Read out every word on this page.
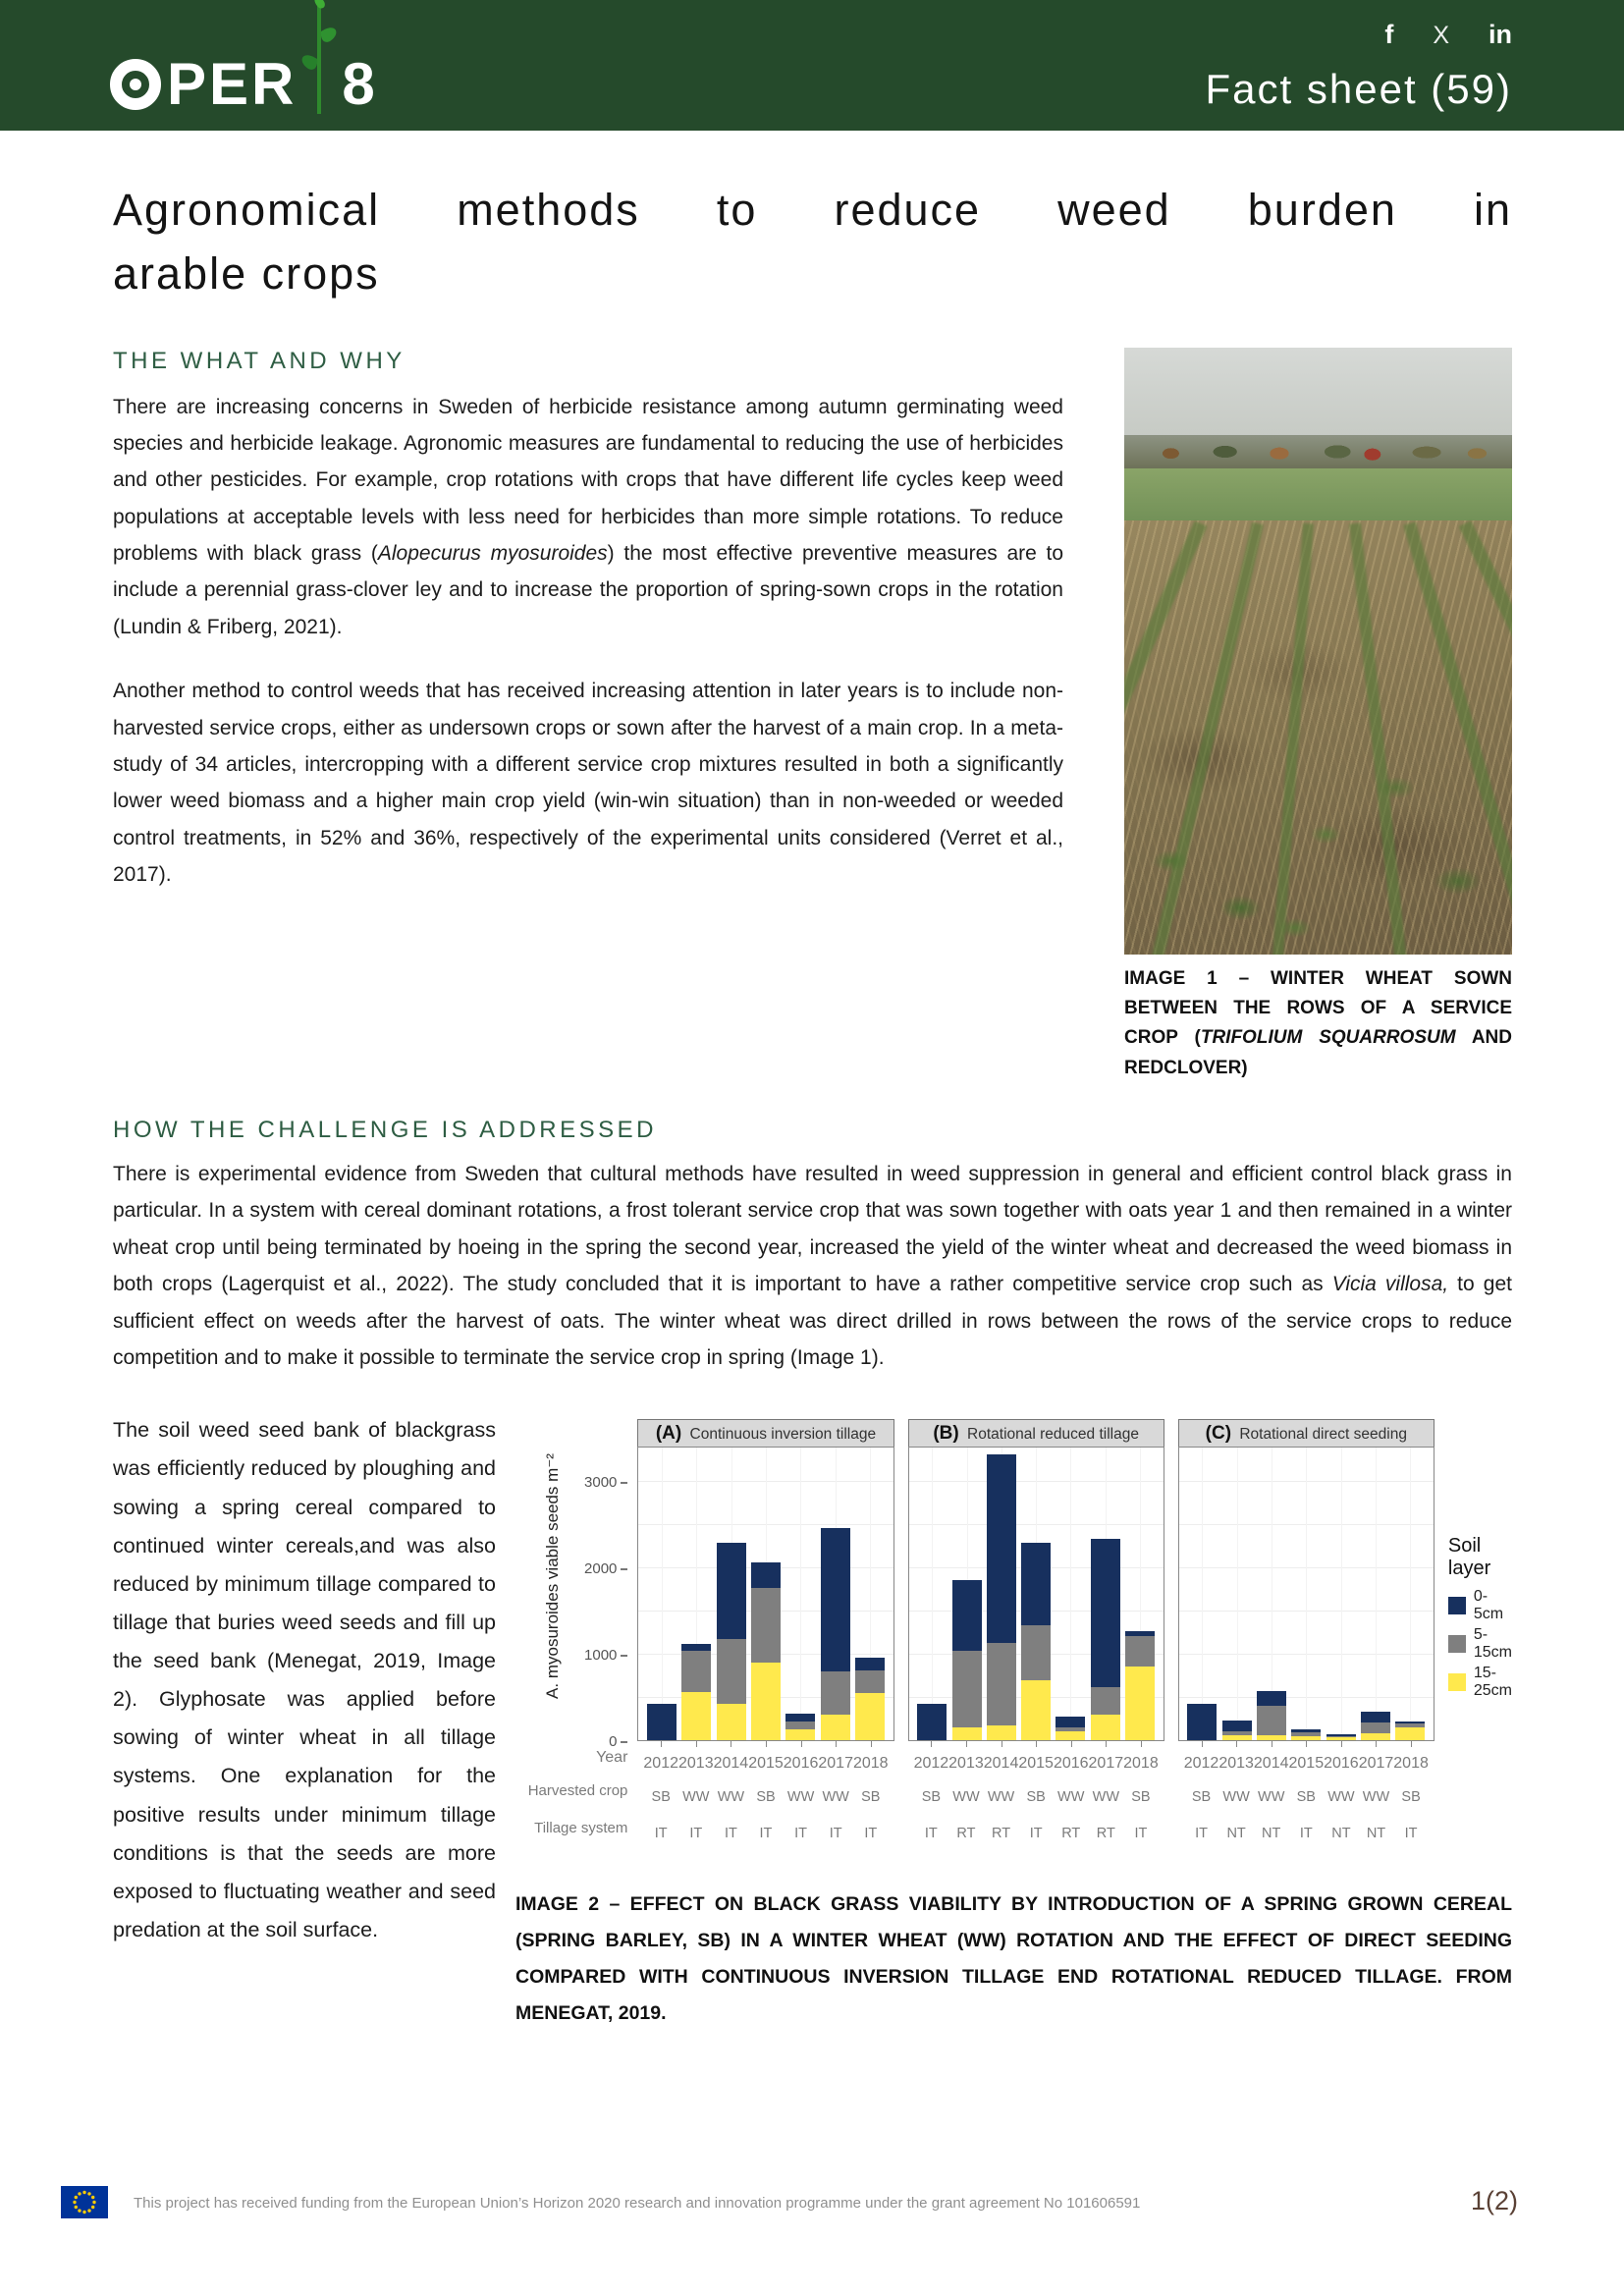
PER 8
f X in
Fact sheet (59)
Agronomical methods to reduce weed burden in
arable crops
THE WHAT AND WHY

There are increasing concerns in Sweden of herbicide resistance among autumn germinating weed species and herbicide leakage. Agronomic measures are fundamental to reducing the use of herbicides and other pesticides. For example, crop rotations with crops that have different life cycles keep weed populations at acceptable levels with less need for herbicides than more simple rotations. To reduce problems with black grass (Alopecurus myosuroides) the most effective preventive measures are to include a perennial grass-clover ley and to increase the proportion of spring-sown crops in the rotation (Lundin & Friberg, 2021).

Another method to control weeds that has received increasing attention in later years is to include non-harvested service crops, either as undersown crops or sown after the harvest of a main crop. In a meta-study of 34 articles, intercropping with a different service crop mixtures resulted in both a significantly lower weed biomass and a higher main crop yield (win-win situation) than in non-weeded or weeded control treatments, in 52% and 36%, respectively of the experimental units considered (Verret et al., 2017).

IMAGE 1 – WINTER WHEAT SOWN BETWEEN THE ROWS OF A SERVICE CROP (TRIFOLIUM SQUARROSUM AND REDCLOVER)
HOW THE CHALLENGE IS ADDRESSED

There is experimental evidence from Sweden that cultural methods have resulted in weed suppression in general and efficient control black grass in particular. In a system with cereal dominant rotations, a frost tolerant service crop that was sown together with oats year 1 and then remained in a winter wheat crop until being terminated by hoeing in the spring the second year, increased the yield of the winter wheat and decreased the weed biomass in both crops (Lagerquist et al., 2022). The study concluded that it is important to have a rather competitive service crop such as Vicia villosa, to get sufficient effect on weeds after the harvest of oats. The winter wheat was direct drilled in rows between the rows of the service crops to reduce competition and to make it possible to terminate the service crop in spring (Image 1).

The soil weed seed bank of blackgrass was efficiently reduced by ploughing and sowing a spring cereal compared to continued winter cereals,and was also reduced by minimum tillage compared to tillage that buries weed seeds and fill up the seed bank (Menegat, 2019, Image 2). Glyphosate was applied before sowing of winter wheat in all tillage systems. One explanation for the positive results under minimum tillage conditions is that the seeds are more exposed to fluctuating weather and seed predation at the soil surface.

A. myosuroides viable seeds m⁻²
0
1000
2000
3000
Year
Harvested crop
Tillage system
(A) Continuous inversion tillage
2012 2013 2014 2015 2016 2017 2018
SB WW WW SB WW WW SB
IT	IT	IT	IT	IT	IT	IT
(B) Rotational reduced tillage
2012 2013 2014 2015 2016 2017 2018
SB WW WW SB WW WW SB
IT	RT	RT	IT	RT	RT	IT
(C) Rotational direct seeding
2012 2013 2014 2015 2016 2017 2018
SB WW WW SB WW WW SB
IT	NT	NT	IT	NT	NT	IT
Soil layer
0-5cm
5-15cm
15-25cm
IMAGE 2 – EFFECT ON BLACK GRASS VIABILITY BY INTRODUCTION OF A SPRING GROWN CEREAL (SPRING BARLEY, SB) IN A WINTER WHEAT (WW) ROTATION AND THE EFFECT OF DIRECT SEEDING COMPARED WITH CONTINUOUS INVERSION TILLAGE END ROTATIONAL REDUCED TILLAGE. FROM MENEGAT, 2019.
This project has received funding from the European Union’s Horizon 2020 research and innovation programme under the grant agreement No 101606591	1(2)
